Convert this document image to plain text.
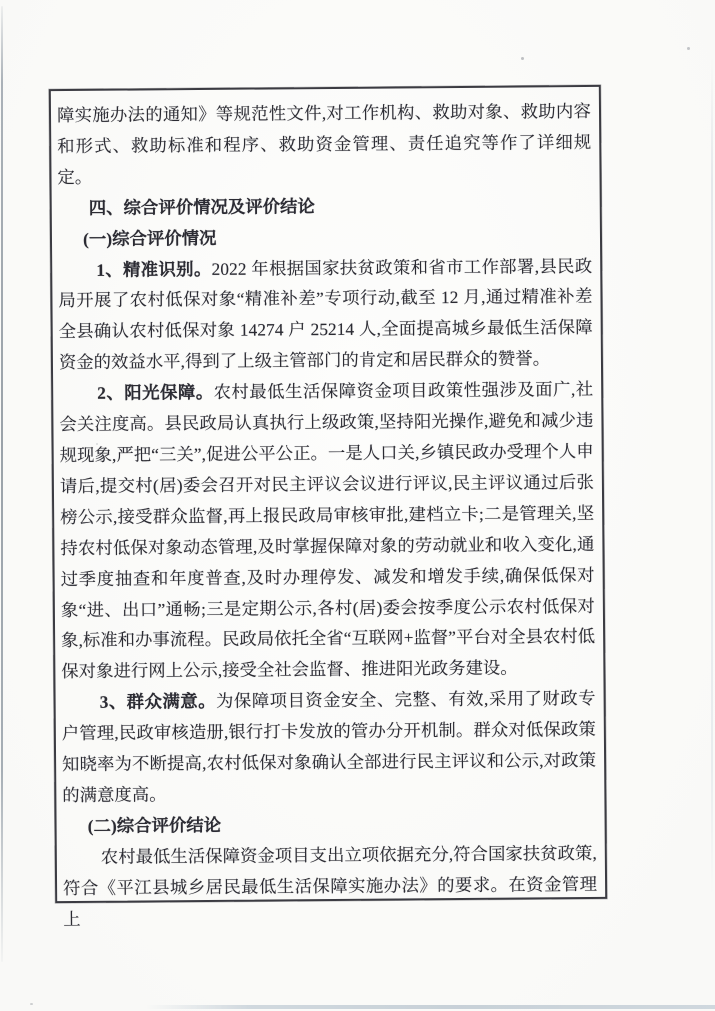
障实施办法的通知》等规范性文件,对工作机构、救助对象、救助内容和形式、救助标准和程序、救助资金管理、责任追究等作了详细规定。
四、综合评价情况及评价结论
(一)综合评价情况
1、精准识别。2022 年根据国家扶贫政策和省市工作部署,县民政局开展了农村低保对象“精准补差”专项行动,截至 12 月,通过精准补差全县确认农村低保对象 14274 户 25214 人,全面提高城乡最低生活保障资金的效益水平,得到了上级主管部门的肯定和居民群众的赞誉。
2、阳光保障。农村最低生活保障资金项目政策性强涉及面广,社会关注度高。县民政局认真执行上级政策,坚持阳光操作,避免和减少违规现象,严把“三关”,促进公平公正。一是人口关,乡镇民政办受理个人申请后,提交村(居)委会召开对民主评议会议进行评议,民主评议通过后张榜公示,接受群众监督,再上报民政局审核审批,建档立卡;二是管理关,坚持农村低保对象动态管理,及时掌握保障对象的劳动就业和收入变化,通过季度抽查和年度普查,及时办理停发、减发和增发手续,确保低保对象“进、出口”通畅;三是定期公示,各村(居)委会按季度公示农村低保对象,标准和办事流程。民政局依托全省“互联网+监督”平台对全县农村低保对象进行网上公示,接受全社会监督、推进阳光政务建设。
3、群众满意。为保障项目资金安全、完整、有效,采用了财政专户管理,民政审核造册,银行打卡发放的管办分开机制。群众对低保政策知晓率为不断提高,农村低保对象确认全部进行民主评议和公示,对政策的满意度高。
(二)综合评价结论
农村最低生活保障资金项目支出立项依据充分,符合国家扶贫政策,符合《平江县城乡居民最低生活保障实施办法》的要求。在资金管理上
